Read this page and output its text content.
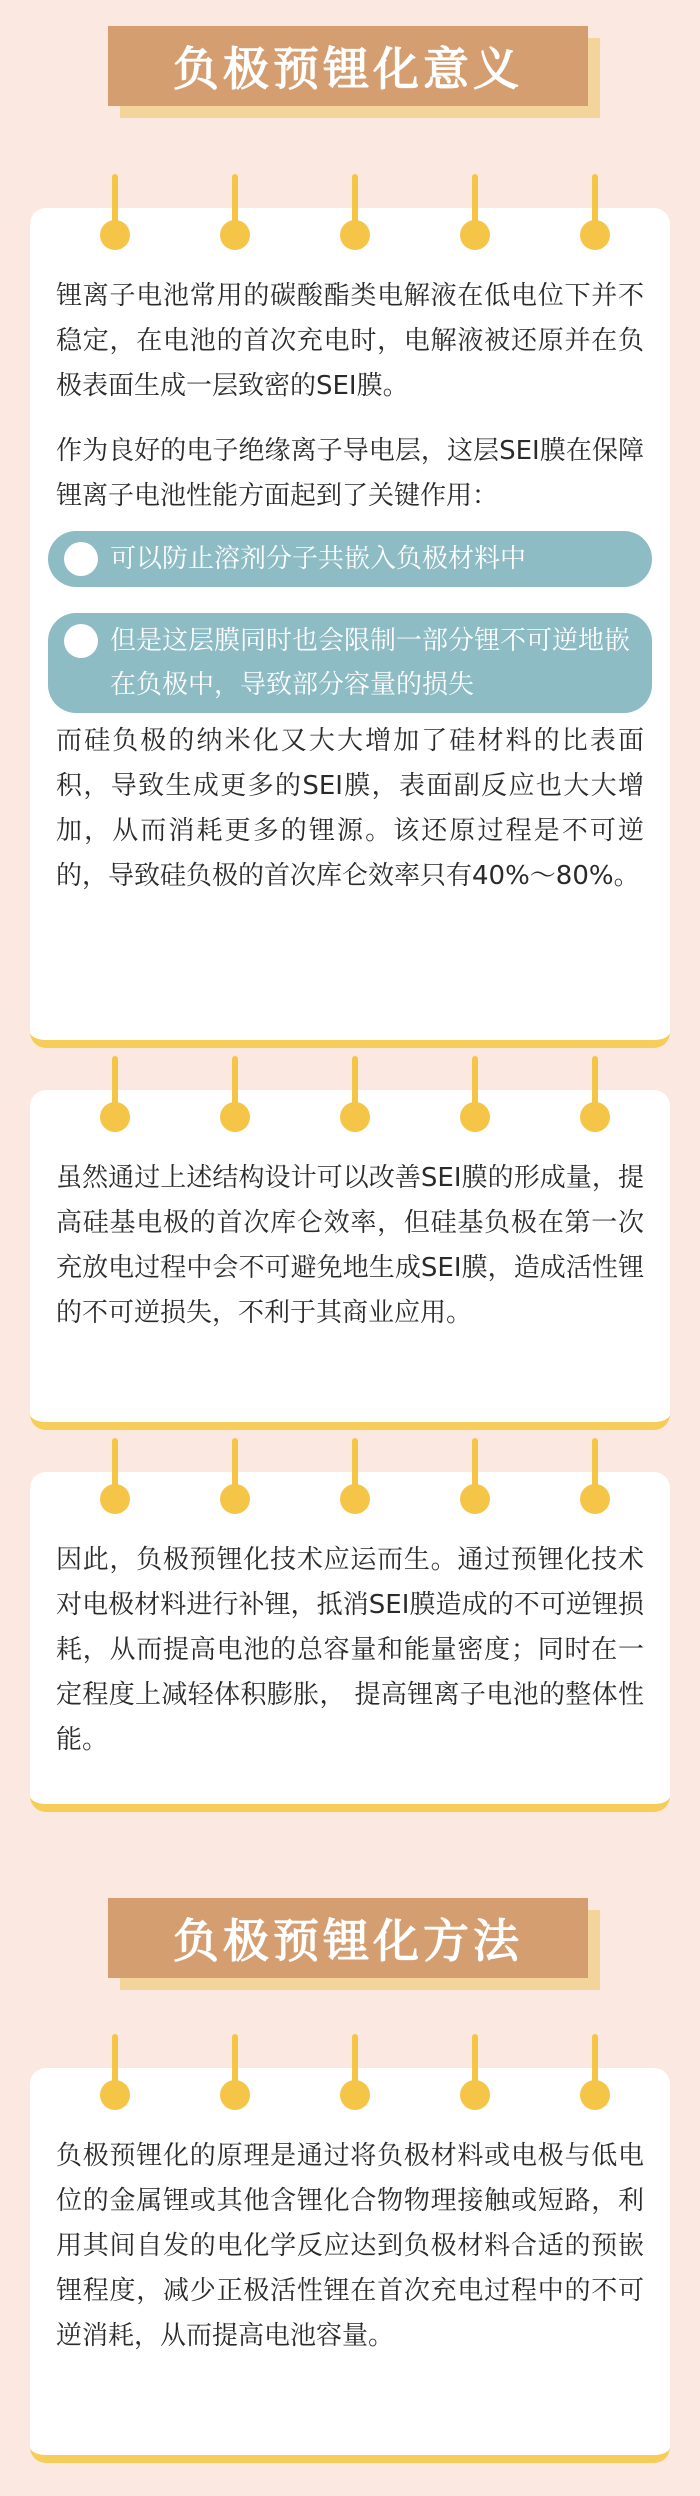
负极预锂化意义

锂离子电池常用的碳酸酯类电解液在低电位下并不稳定，在电池的首次充电时，电解液被还原并在负极表面生成一层致密的SEI膜。

作为良好的电子绝缘离子导电层，这层SEI膜在保障锂离子电池性能方面起到了关键作用：

可以防止溶剂分子共嵌入负极材料中
但是这层膜同时也会限制一部分锂不可逆地嵌在负极中，导致部分容量的损失

而硅负极的纳米化又大大增加了硅材料的比表面积，导致生成更多的SEI膜，表面副反应也大大增加，从而消耗更多的锂源。该还原过程是不可逆的，导致硅负极的首次库仑效率只有40%〜80%。

虽然通过上述结构设计可以改善SEI膜的形成量，提高硅基电极的首次库仑效率，但硅基负极在第一次充放电过程中会不可避免地生成SEI膜，造成活性锂的不可逆损失，不利于其商业应用。

因此，负极预锂化技术应运而生。通过预锂化技术对电极材料进行补锂，抵消SEI膜造成的不可逆锂损耗，从而提高电池的总容量和能量密度；同时在一定程度上减轻体积膨胀， 提高锂离子电池的整体性能。

负极预锂化方法

负极预锂化的原理是通过将负极材料或电极与低电位的金属锂或其他含锂化合物物理接触或短路，利用其间自发的电化学反应达到负极材料合适的预嵌锂程度，减少正极活性锂在首次充电过程中的不可逆消耗，从而提高电池容量。
